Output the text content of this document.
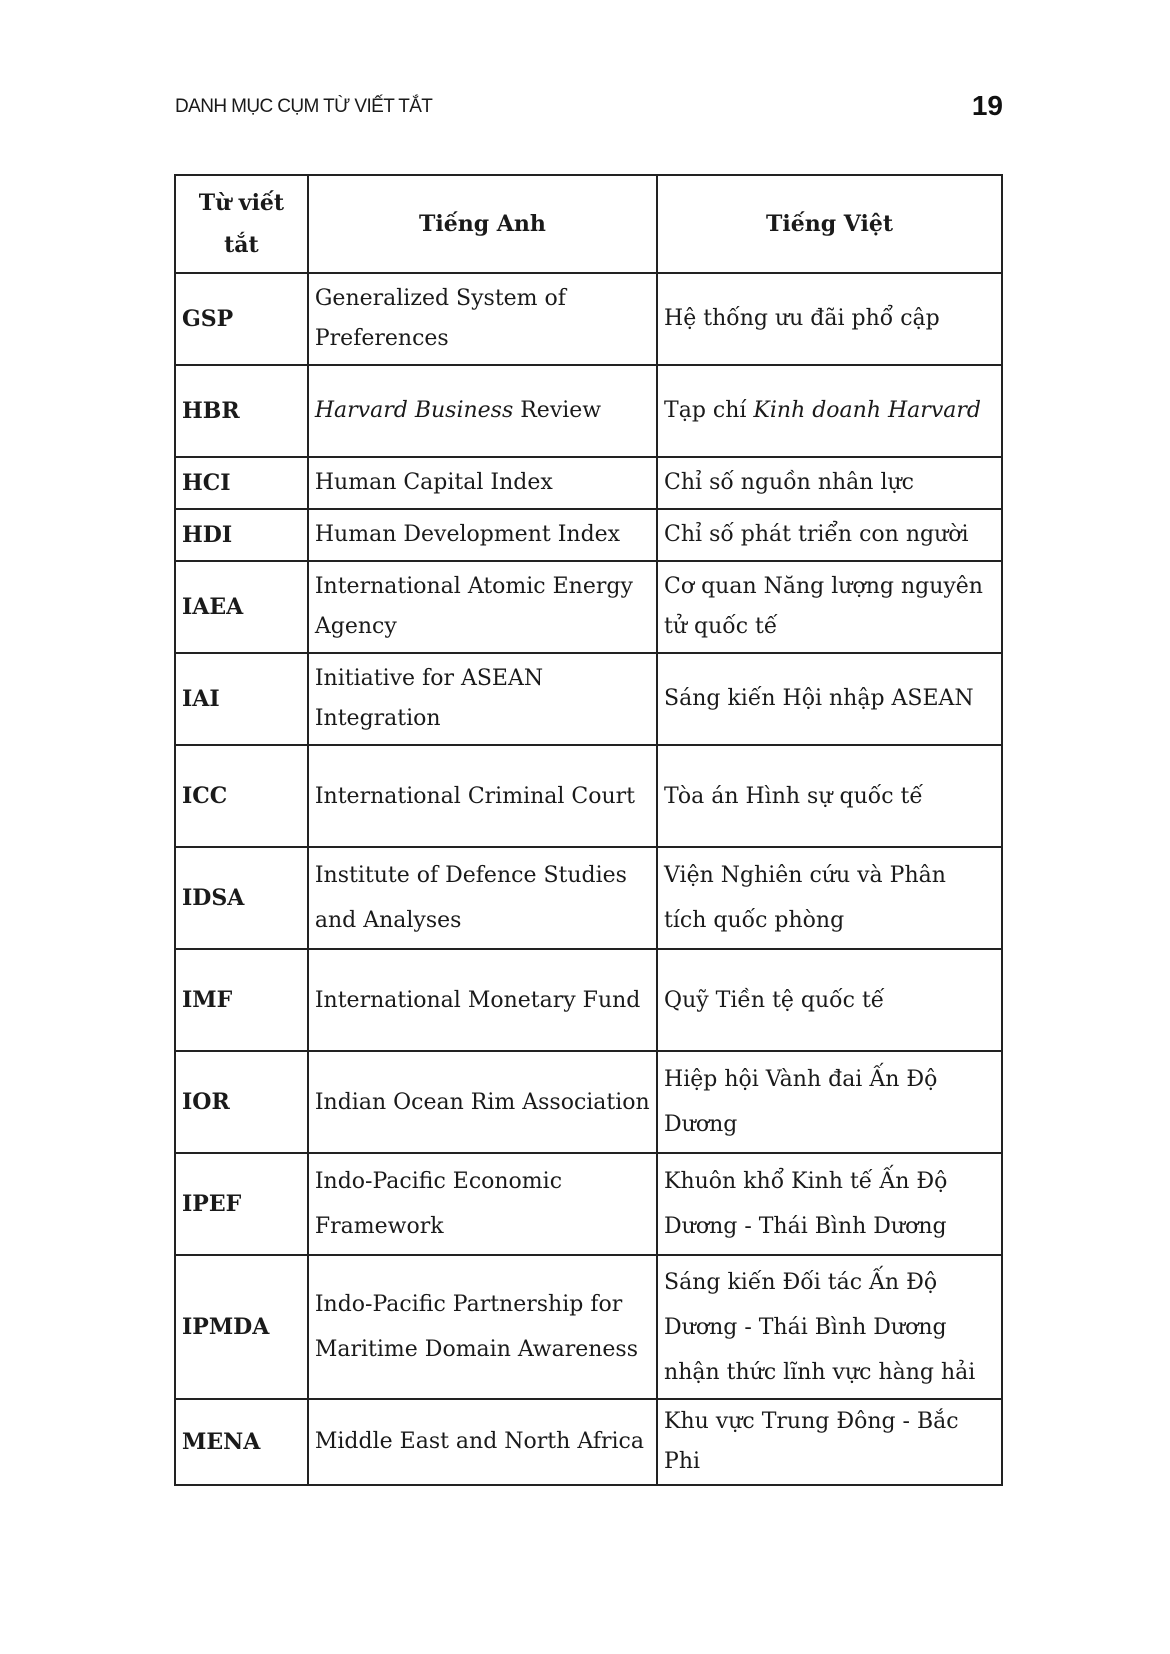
DANH MỤC CỤM TỪ VIẾT TẮT	19
Từ viết tắt	Tiếng Anh	Tiếng Việt
GSP	Generalized System of Preferences	Hệ thống ưu đãi phổ cập
HBR	Harvard Business Review	Tạp chí Kinh doanh Harvard
HCI	Human Capital Index	Chỉ số nguồn nhân lực
HDI	Human Development Index	Chỉ số phát triển con người
IAEA	International Atomic Energy Agency	Cơ quan Năng lượng nguyên tử quốc tế
IAI	Initiative for ASEAN Integration	Sáng kiến Hội nhập ASEAN
ICC	International Criminal Court	Tòa án Hình sự quốc tế
IDSA	Institute of Defence Studies and Analyses	Viện Nghiên cứu và Phân tích quốc phòng
IMF	International Monetary Fund	Quỹ Tiền tệ quốc tế
IOR	Indian Ocean Rim Association	Hiệp hội Vành đai Ấn Độ Dương
IPEF	Indo-Pacific Economic Framework	Khuôn khổ Kinh tế Ấn Độ Dương - Thái Bình Dương
IPMDA	Indo-Pacific Partnership for Maritime Domain Awareness	Sáng kiến Đối tác Ấn Độ Dương - Thái Bình Dương nhận thức lĩnh vực hàng hải
MENA	Middle East and North Africa	Khu vực Trung Đông - Bắc Phi
